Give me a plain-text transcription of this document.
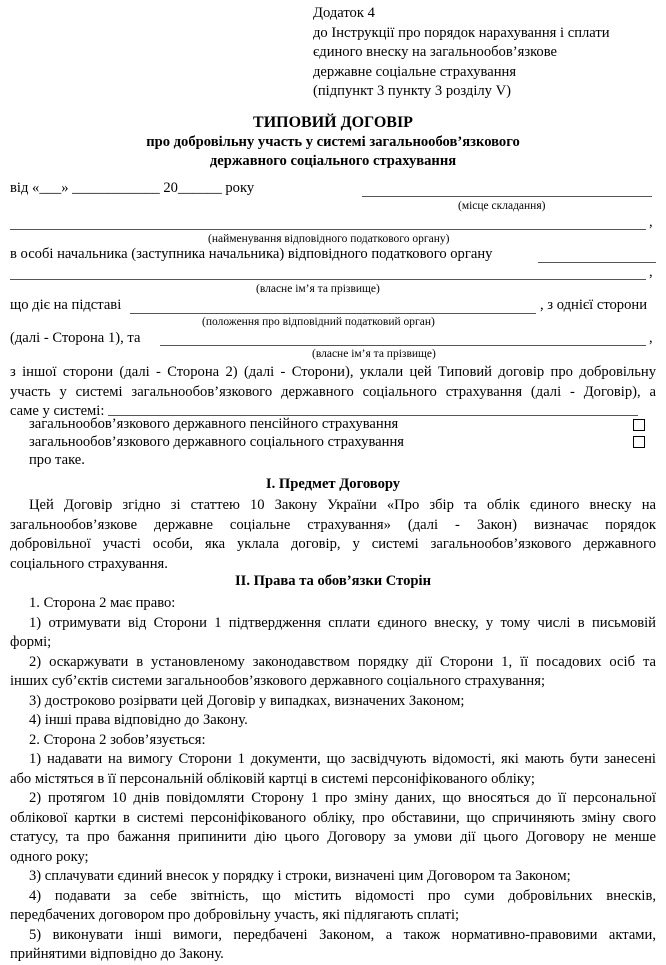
Додаток 4
до Інструкції про порядок нарахування і сплати
єдиного внеску на загальнообов’язкове
державне соціальне страхування
(підпункт 3 пункту 3 розділу V)
ТИПОВИЙ ДОГОВІР
про добровільну участь у системі загальнообов’язкового
державного соціального страхування
від «___» ____________ 20______ року
(місце складання)
,
(найменування відповідного податкового органу)
в особі начальника (заступника начальника) відповідного податкового органу
,
(власне ім’я та прізвище)
що діє на підставі	, з однієї сторони
(положення про відповідний податковий орган)
(далі - Сторона 1), та	,
(власне ім’я та прізвище)
з іншої сторони (далі - Сторона 2) (далі - Сторони), уклали цей Типовий договір про добровільну
участь у системі загальнообов’язкового державного соціального страхування (далі - Договір), а
саме у системі:
загальнообов’язкового державного пенсійного страхування
загальнообов’язкового державного соціального страхування
про таке.
I. Предмет Договору
Цей Договір згідно зі статтею 10 Закону України «Про збір та облік єдиного внеску на
загальнообов’язкове державне соціальне страхування» (далі - Закон) визначає порядок
добровільної участі особи, яка уклала договір, у системі загальнообов’язкового державного
соціального страхування.
II. Права та обов’язки Сторін
1. Сторона 2 має право:
1) отримувати від Сторони 1 підтвердження сплати єдиного внеску, у тому числі в письмовій
формі;
2) оскаржувати в установленому законодавством порядку дії Сторони 1, її посадових осіб та
інших суб’єктів системи загальнообов’язкового державного соціального страхування;
3) достроково розірвати цей Договір у випадках, визначених Законом;
4) інші права відповідно до Закону.
2. Сторона 2 зобов’язується:
1) надавати на вимогу Сторони 1 документи, що засвідчують відомості, які мають бути занесені
або містяться в її персональній обліковій картці в системі персоніфікованого обліку;
2) протягом 10 днів повідомляти Сторону 1 про зміну даних, що вносяться до її персональної
облікової картки в системі персоніфікованого обліку, про обставини, що спричиняють зміну свого
статусу, та про бажання припинити дію цього Договору за умови дії цього Договору не менше
одного року;
3) сплачувати єдиний внесок у порядку і строки, визначені цим Договором та Законом;
4) подавати за себе звітність, що містить відомості про суми добровільних внесків,
передбачених договором про добровільну участь, які підлягають сплаті;
5) виконувати інші вимоги, передбачені Законом, а також нормативно-правовими актами,
прийнятими відповідно до Закону.
